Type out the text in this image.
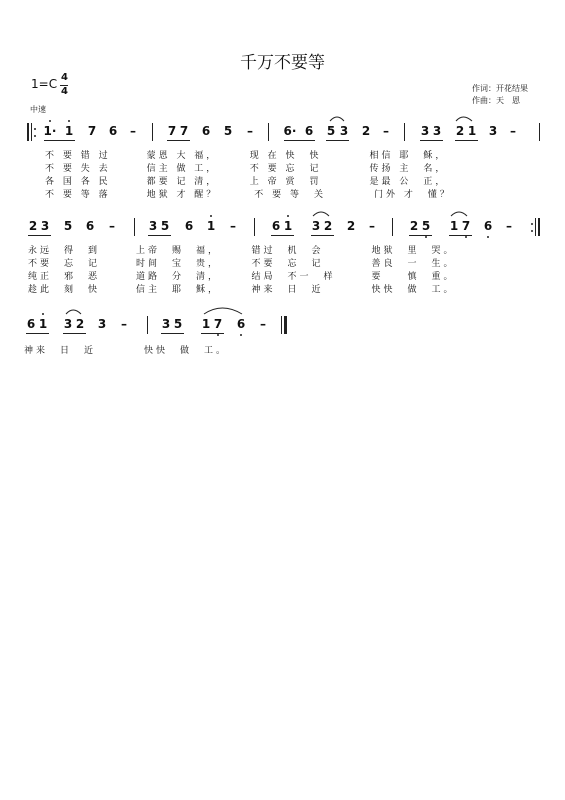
千万不要等
1=C 4
4
中速
作词：开花结果
作曲：天　恩
1· 1 7 6 –	7 7 6 5 –	6· 6 5 3 2 –	3 3 2 1 3 –
不 要 错 过　　　蒙恩 大 福，　　　现 在 快　快　　　　相信 耶　稣，
不 要 失 去　　　信主 做 工，　　　不 要 忘　记　　　　传扬 主　名，
各 国 各 民　　　都要 记 清，　　　上 帝 赏　罚　　　　是最 公　正，
不 要 等 落　　　地狱 才 醒？　　　不 要 等　关　　　　门外 才　懂？
2 3 5 6 –	3 5 6 1 –	6 1 3 2 2 –	2 5 1 7 6 –
永远　得　到　　　上帝　赐　福，　　　错过　机　会　　　　地狱　里　哭。
不要　忘　记　　　时间　宝　贵，　　　不要　忘　记　　　　善良　一　生。
纯正　邪　恶　　　道路　分　清，　　　结局　不一　样　　　要　　慎　重。
趁此　刻　快　　　信主　耶　稣，　　　神来　日　近　　　　快快　做　工。
6 1 3 2 3 –	3 5 1 7 6 –
神来　日　近　　　　快快　做　工。
